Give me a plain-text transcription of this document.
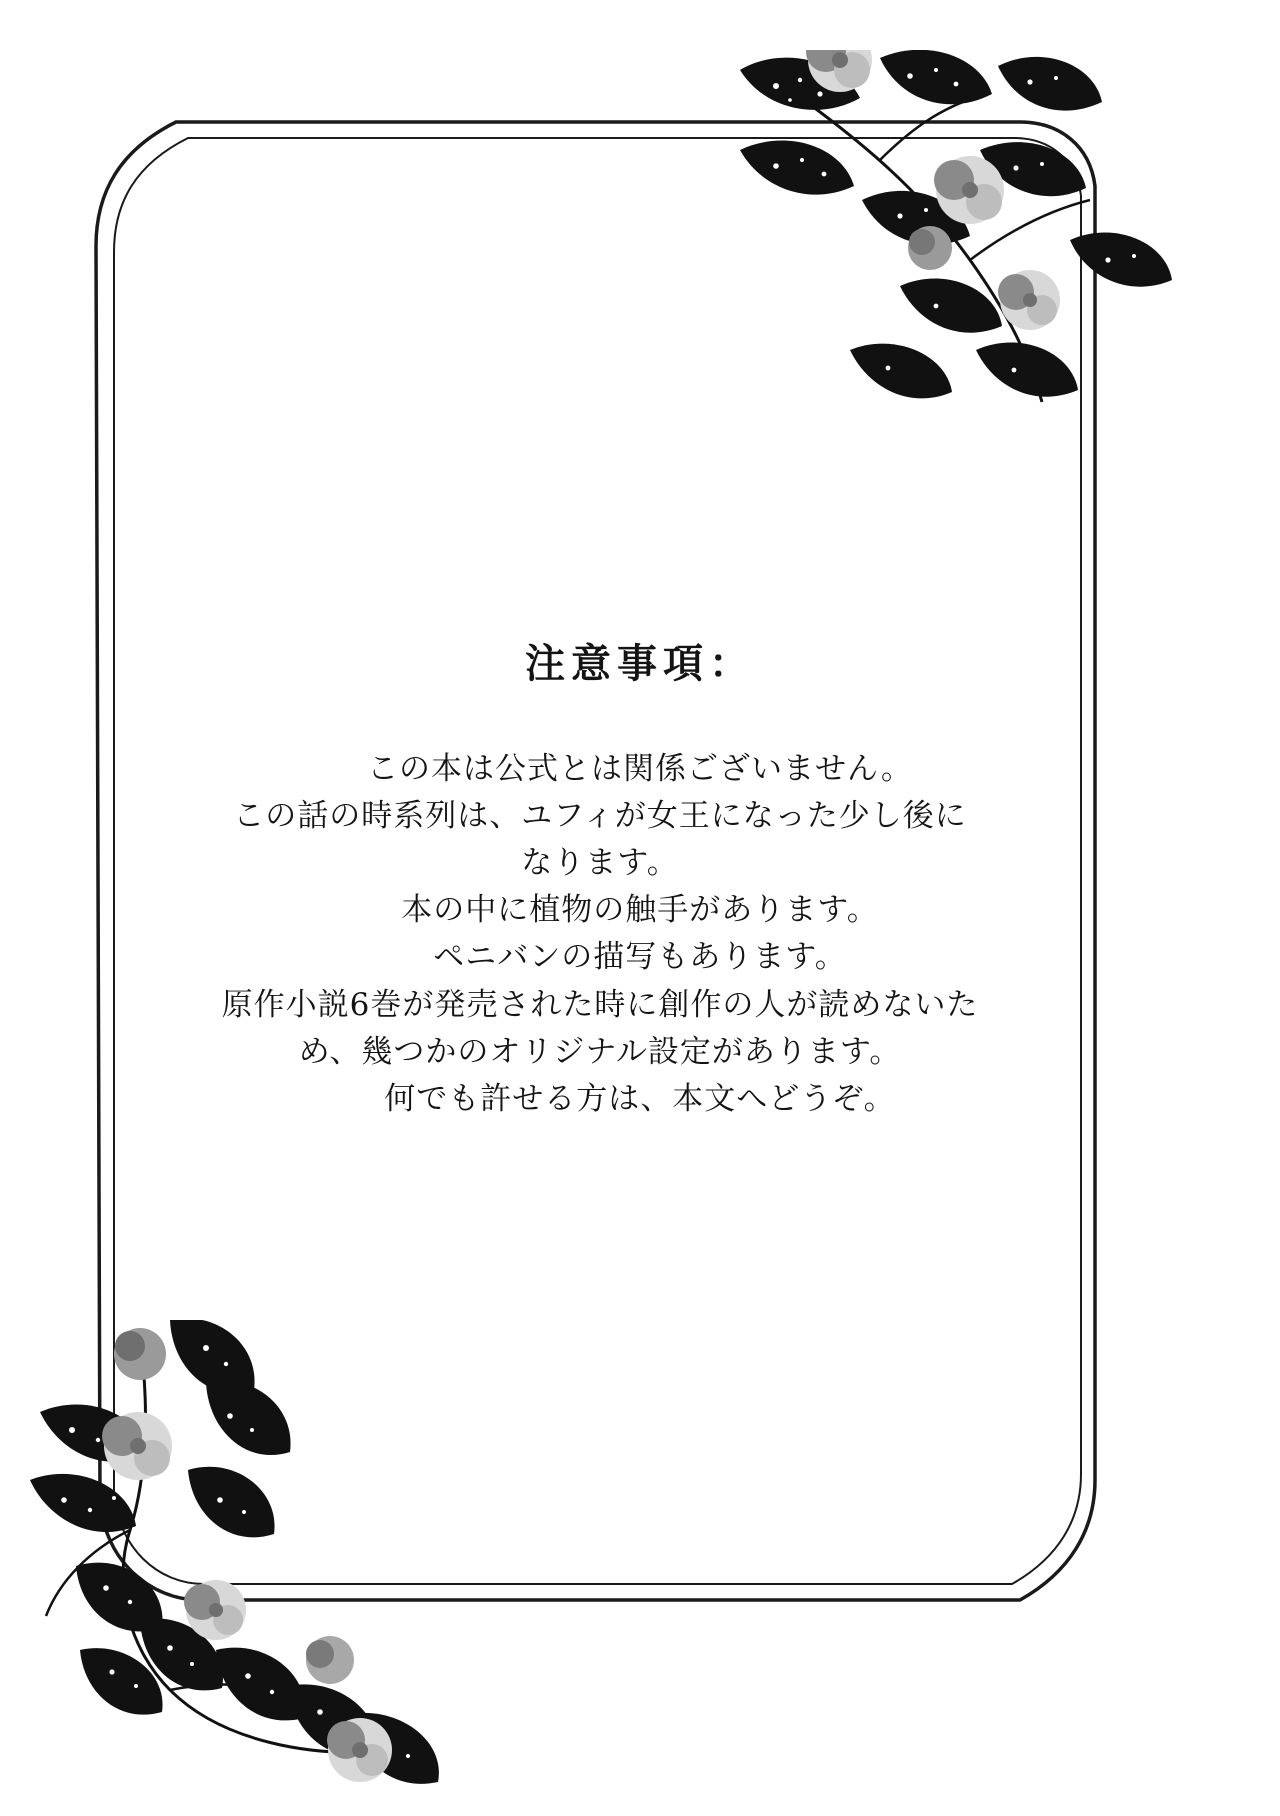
注意事項：

この本は公式とは関係ございません。

この話の時系列は、ユフィが女王になった少し後になります。

本の中に植物の触手があります。

ペニバンの描写もあります。

原作小説6巻が発売された時に創作の人が読めないため、幾つかのオリジナル設定があります。

何でも許せる方は、本文へどうぞ。
